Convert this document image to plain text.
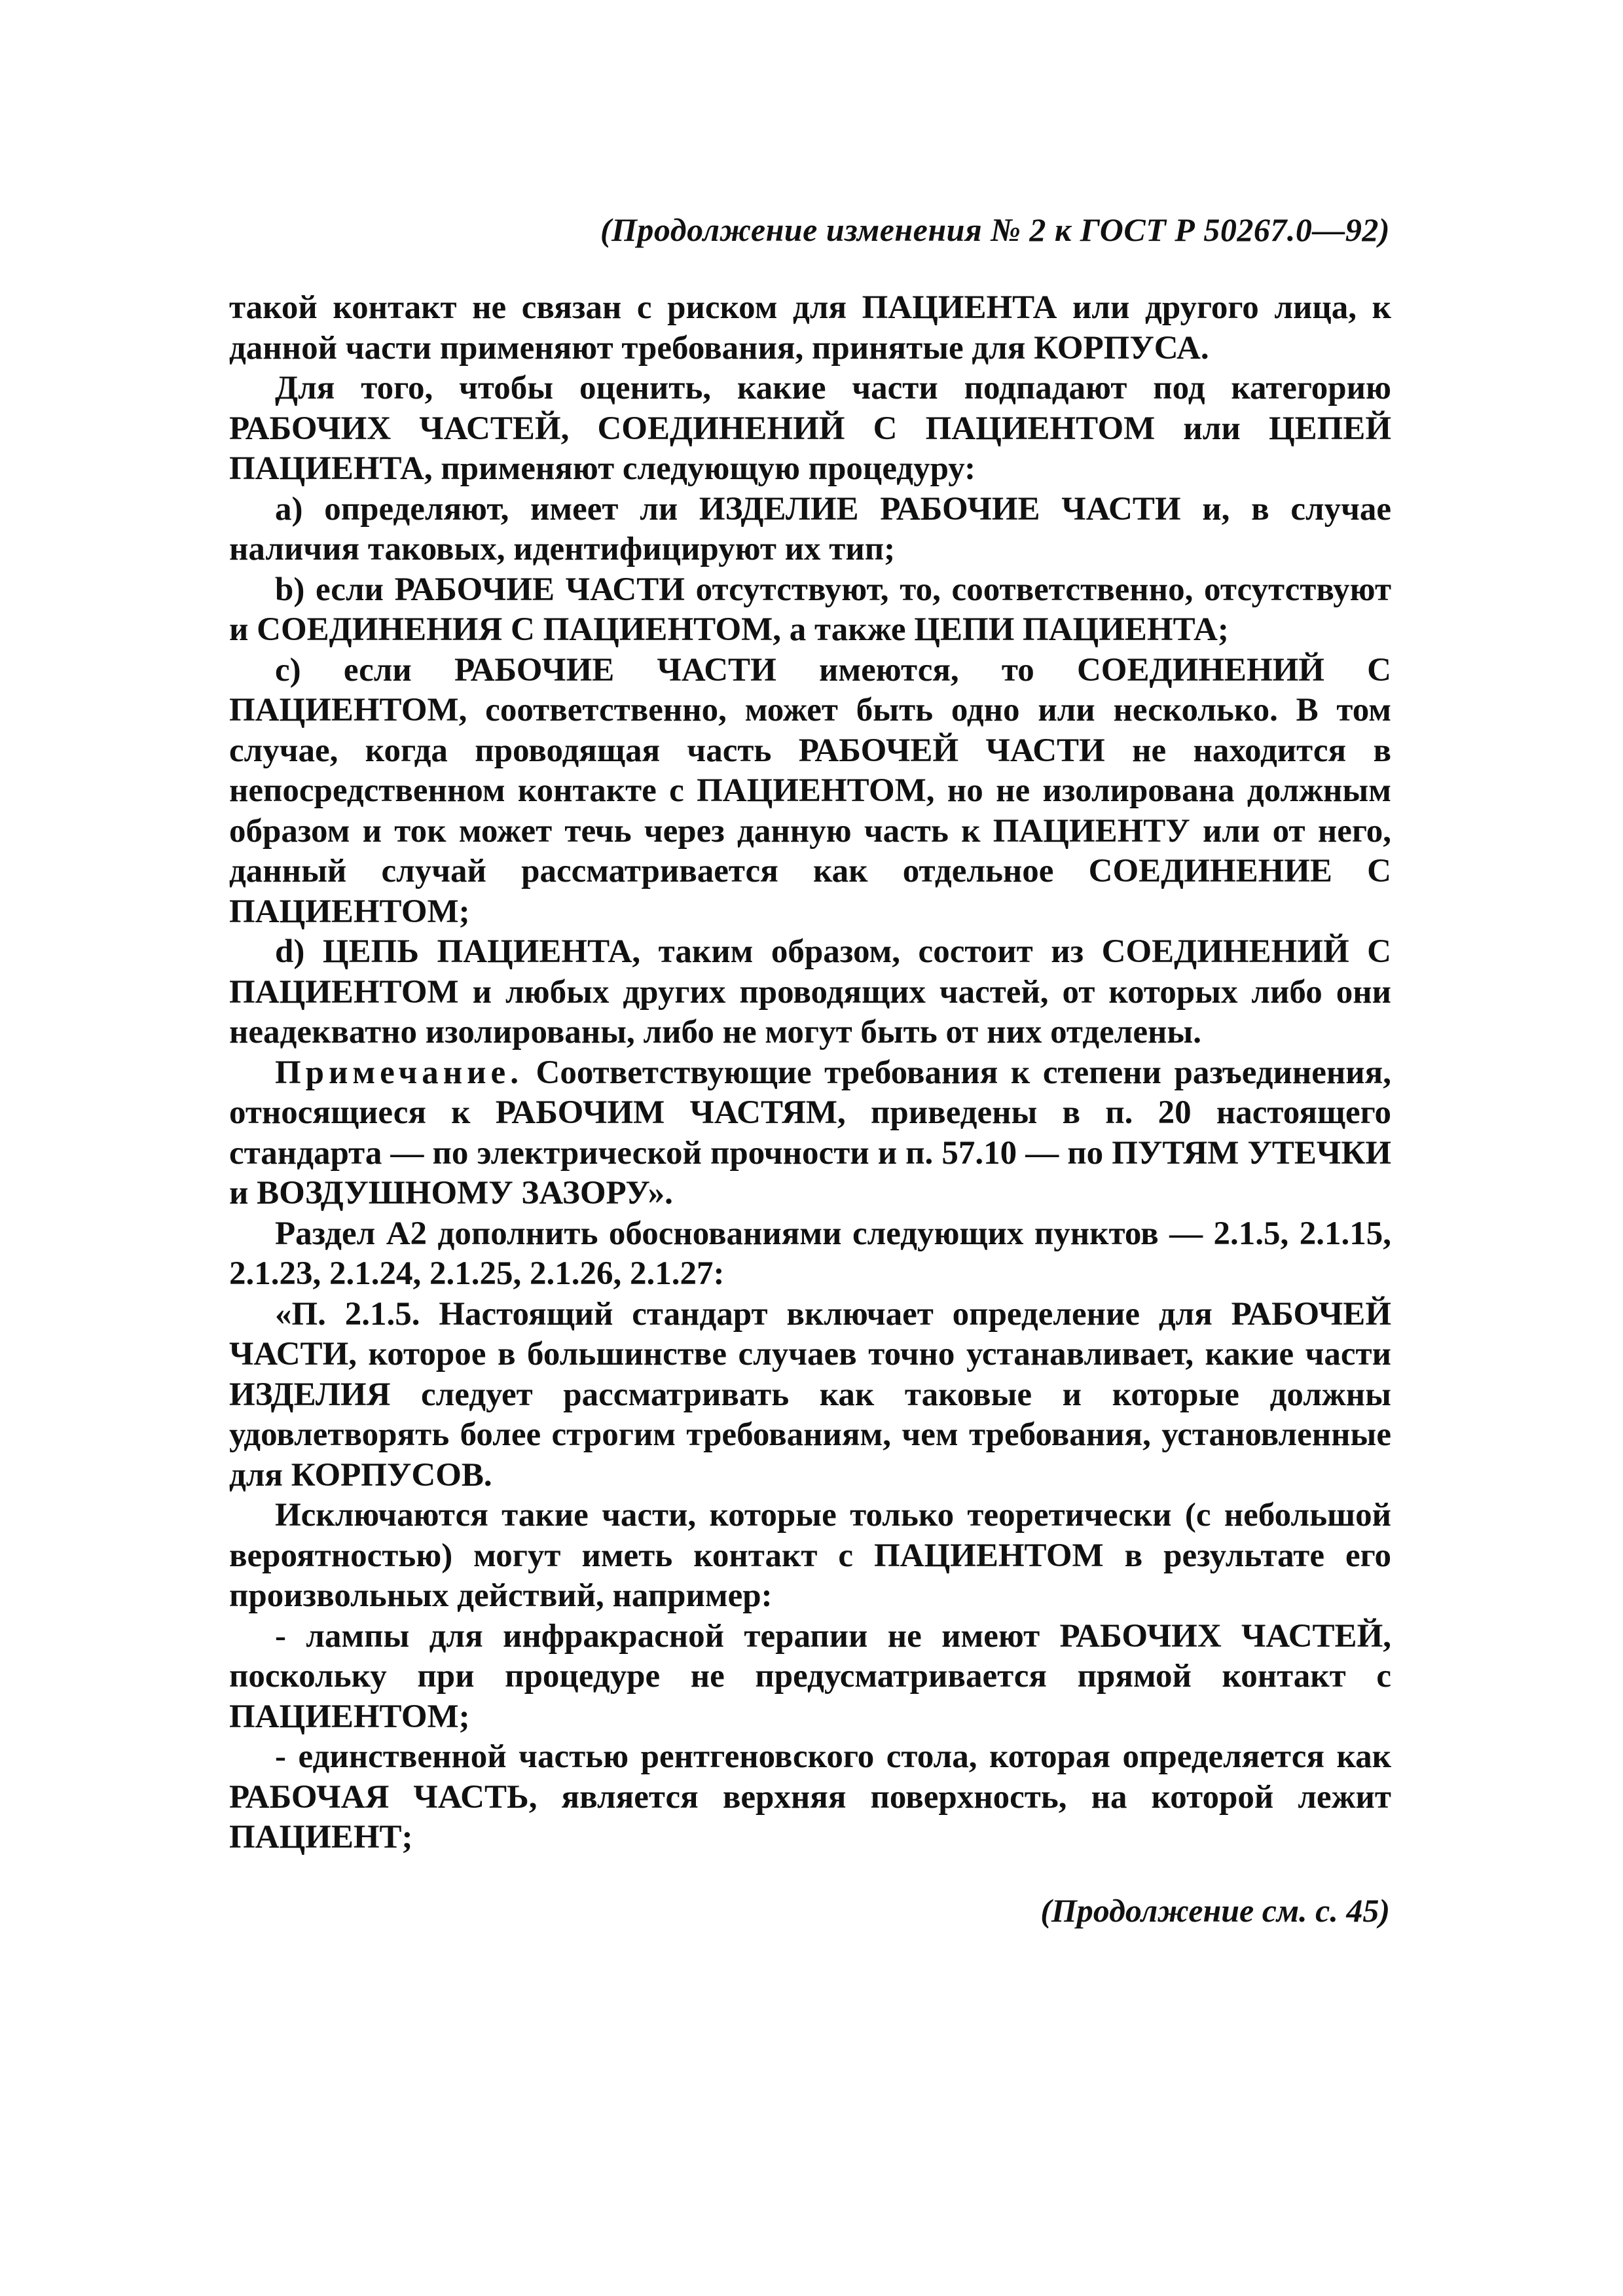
(Продолжение изменения № 2 к ГОСТ Р 50267.0—92)

такой контакт не связан с риском для ПАЦИЕНТА или другого лица, к данной части применяют требования, принятые для КОРПУСА.

Для того, чтобы оценить, какие части подпадают под категорию РАБОЧИХ ЧАСТЕЙ, СОЕДИНЕНИЙ С ПАЦИЕНТОМ или ЦЕПЕЙ ПАЦИЕНТА, применяют следующую процедуру:

а) определяют, имеет ли ИЗДЕЛИЕ РАБОЧИЕ ЧАСТИ и, в случае наличия таковых, идентифицируют их тип;

b) если РАБОЧИЕ ЧАСТИ отсутствуют, то, соответственно, отсутствуют и СОЕДИНЕНИЯ С ПАЦИЕНТОМ, а также ЦЕПИ ПАЦИЕНТА;

с) если РАБОЧИЕ ЧАСТИ имеются, то СОЕДИНЕНИЙ С ПАЦИЕНТОМ, соответственно, может быть одно или несколько. В том случае, когда проводящая часть РАБОЧЕЙ ЧАСТИ не находится в непосредственном контакте с ПАЦИЕНТОМ, но не изолирована должным образом и ток может течь через данную часть к ПАЦИЕНТУ или от него, данный случай рассматривается как отдельное СОЕДИНЕНИЕ С ПАЦИЕНТОМ;

d) ЦЕПЬ ПАЦИЕНТА, таким образом, состоит из СОЕДИНЕНИЙ С ПАЦИЕНТОМ и любых других проводящих частей, от которых либо они неадекватно изолированы, либо не могут быть от них отделены.

Примечание. Соответствующие требования к степени разъединения, относящиеся к РАБОЧИМ ЧАСТЯМ, приведены в п. 20 настоящего стандарта — по электрической прочности и п. 57.10 — по ПУТЯМ УТЕЧКИ и ВОЗДУШНОМУ ЗАЗОРУ».

Раздел А2 дополнить обоснованиями следующих пунктов — 2.1.5, 2.1.15, 2.1.23, 2.1.24, 2.1.25, 2.1.26, 2.1.27:

«П. 2.1.5. Настоящий стандарт включает определение для РАБОЧЕЙ ЧАСТИ, которое в большинстве случаев точно устанавливает, какие части ИЗДЕЛИЯ следует рассматривать как таковые и которые должны удовлетворять более строгим требованиям, чем требования, установленные для КОРПУСОВ.

Исключаются такие части, которые только теоретически (с небольшой вероятностью) могут иметь контакт с ПАЦИЕНТОМ в результате его произвольных действий, например:

- лампы для инфракрасной терапии не имеют РАБОЧИХ ЧАСТЕЙ, поскольку при процедуре не предусматривается прямой контакт с ПАЦИЕНТОМ;

- единственной частью рентгеновского стола, которая определяется как РАБОЧАЯ ЧАСТЬ, является верхняя поверхность, на которой лежит ПАЦИЕНТ;

(Продолжение см. с. 45)
